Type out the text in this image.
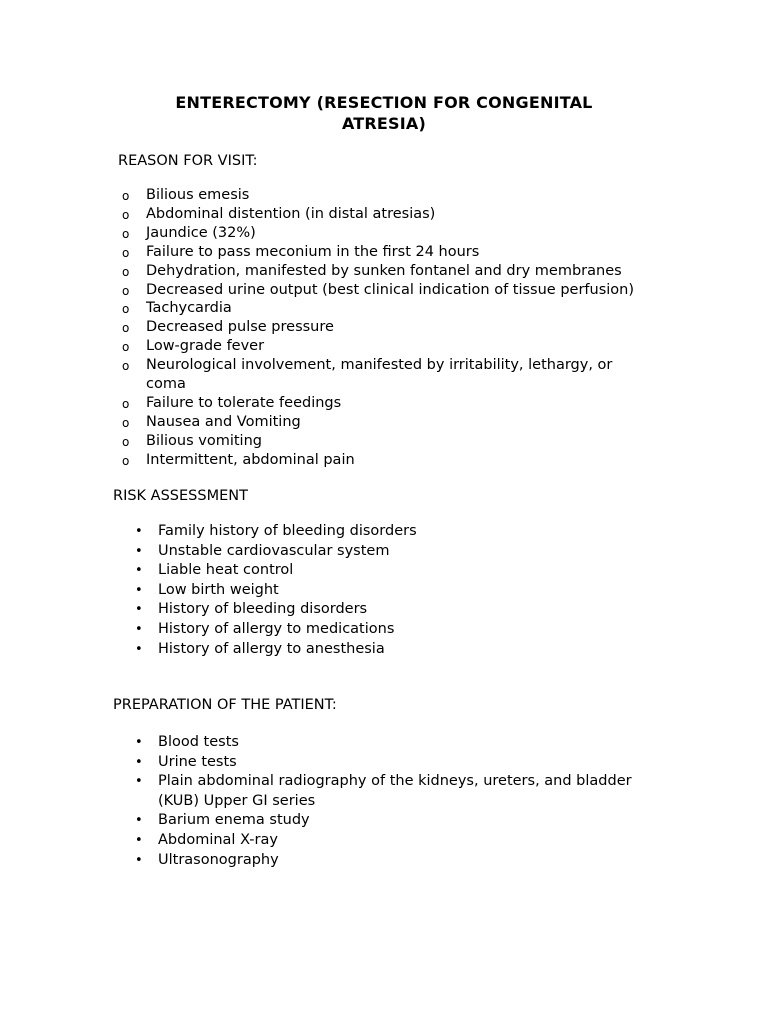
ENTERECTOMY (RESECTION FOR CONGENITAL
ATRESIA)
REASON FOR VISIT:
o Bilious emesis
o Abdominal distention (in distal atresias)
o Jaundice (32%)
o Failure to pass meconium in the first 24 hours
o Dehydration, manifested by sunken fontanel and dry membranes
o Decreased urine output (best clinical indication of tissue perfusion)
o Tachycardia
o Decreased pulse pressure
o Low-grade fever
o Neurological involvement, manifested by irritability, lethargy, or
coma
o Failure to tolerate feedings
o Nausea and Vomiting
o Bilious vomiting
o Intermittent, abdominal pain
RISK ASSESSMENT
• Family history of bleeding disorders
• Unstable cardiovascular system
• Liable heat control
• Low birth weight
• History of bleeding disorders
• History of allergy to medications
• History of allergy to anesthesia
PREPARATION OF THE PATIENT:
• Blood tests
• Urine tests
• Plain abdominal radiography of the kidneys, ureters, and bladder
(KUB) Upper GI series
• Barium enema study
• Abdominal X-ray
• Ultrasonography
